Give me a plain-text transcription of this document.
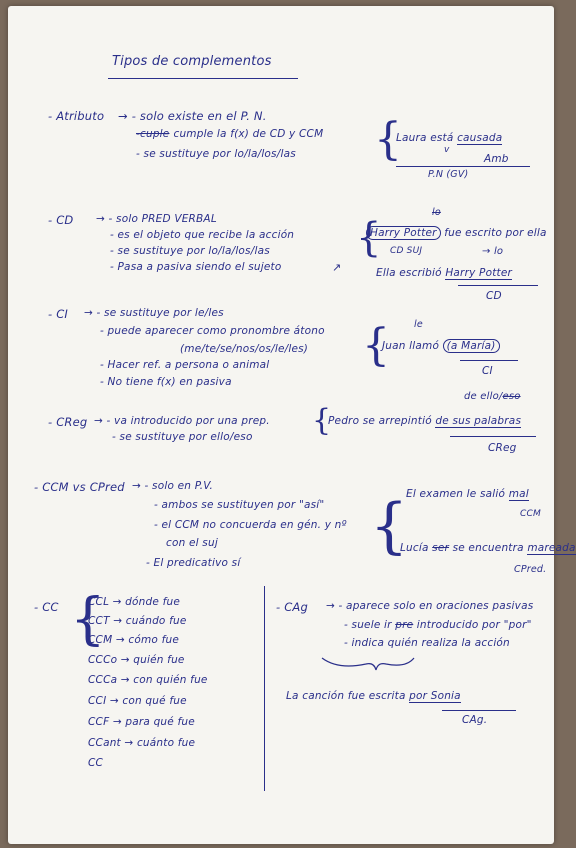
Tipos de complementos
- Atributo → - solo existe en el P. N.
-cuple cumple la f(x) de CD y CCM
- se sustituye por lo/la/los/las {
Laura está causada
v
Amb
P.N (GV)
- CD → - solo PRED VERBAL
- es el objeto que recibe la acción
- se sustituye por lo/la/los/las
- Pasa a pasiva siendo el sujeto	↗
{
lo
Harry Potter fue escrito por ella
CD SUJ	→ lo
Ella escribió Harry Potter
CD
- CI → - se sustituye por le/les
- puede aparecer como pronombre átono
(me/te/se/nos/os/le/les)
- Hacer ref. a persona o animal
- No tiene f(x) en pasiva
{	le
Juan llamó (a María)
CI
- CReg → - va introducido por una prep.
- se sustituye por ello/eso {
de ello/eso
Pedro se arrepintió de sus palabras
CReg
- CCM vs CPred → - solo en P.V.
- ambos se sustituyen por "así"
- el CCM no concuerda en gén. y nº
con el suj
- El predicativo sí
{
El examen le salió mal
CCM
Lucía ser se encuentra mareada
CPred.
- CC {
CCL → dónde fue
CCT → cuándo fue
CCM → cómo fue
CCCo → quién fue
CCCa → con quién fue
CCI → con qué fue
CCF → para qué fue
CCant → cuánto fue
CC
- CAg → - aparece solo en oraciones pasivas
- suele ir pre introducido por "por"
- indica quién realiza la acción
La canción fue escrita por Sonia
CAg.
